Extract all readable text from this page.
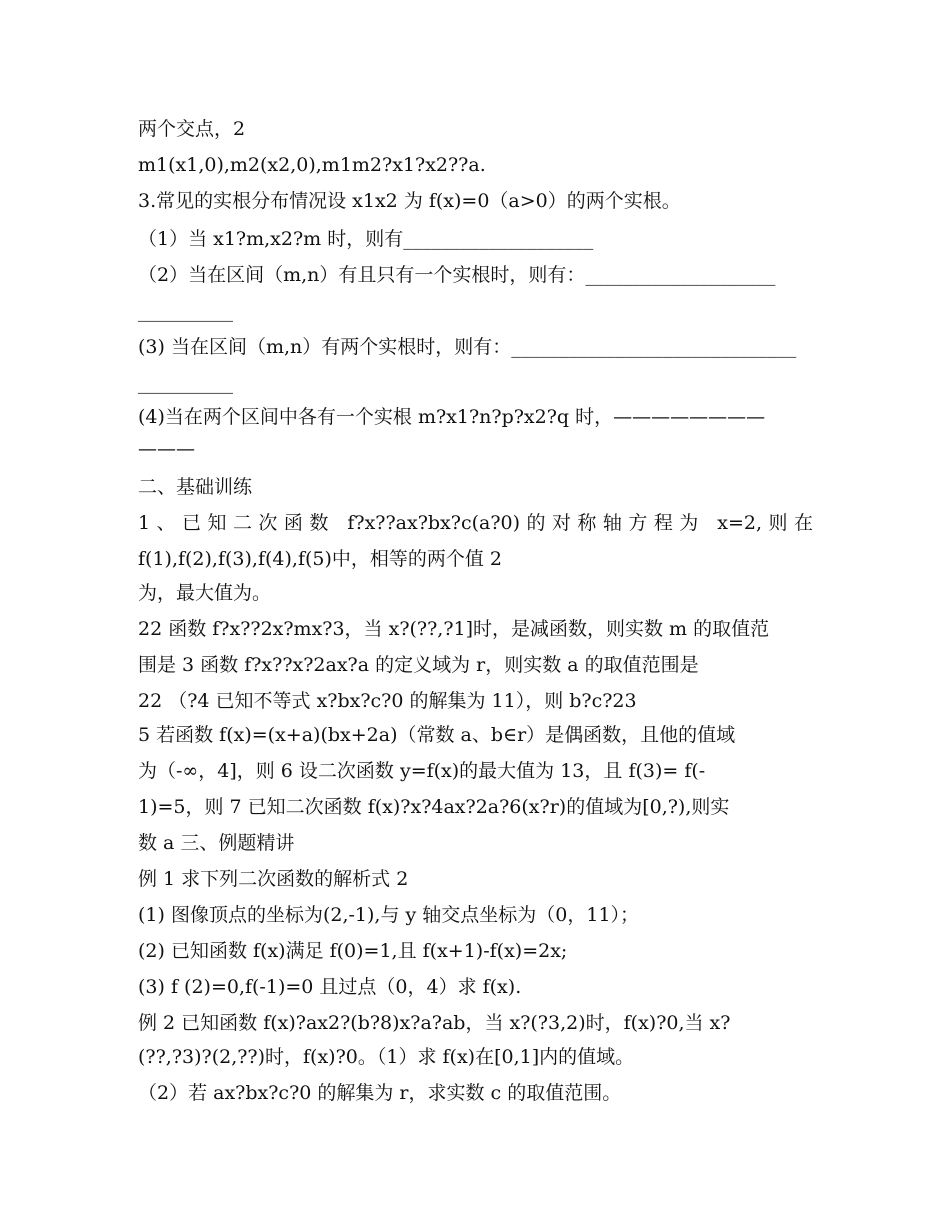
两个交点，2
m1(x1,0),m2(x2,0),m1m2?x1?x2??a.
3.常见的实根分布情况设 x1x2 为 f(x)=0（a>0）的两个实根。
（1）当 x1?m,x2?m 时，则有____________________
（2）当在区间（m,n）有且只有一个实根时，则有：____________________
__________
(3) 当在区间（m,n）有两个实根时，则有：______________________________
__________
(4)当在两个区间中各有一个实根 m?x1?n?p?x2?q 时，————————
———
二、基础训练
1、已知二次函数 f?x??ax?bx?c(a?0)的对称轴方程为 x=2,则在
f(1),f(2),f(3),f(4),f(5)中，相等的两个值 2
为，最大值为。
22 函数 f?x??2x?mx?3，当 x?(??,?1]时，是减函数，则实数 m 的取值范
围是 3 函数 f?x??x?2ax?a 的定义域为 r，则实数 a 的取值范围是
22 （?4 已知不等式 x?bx?c?0 的解集为 11），则 b?c?23
5 若函数 f(x)=(x+a)(bx+2a)（常数 a、b∈r）是偶函数，且他的值域
为（-∞，4]，则 6 设二次函数 y=f(x)的最大值为 13，且 f(3)= f(-
1)=5，则 7 已知二次函数 f(x)?x?4ax?2a?6(x?r)的值域为[0,?),则实
数 a 三、例题精讲
例 1 求下列二次函数的解析式 2
(1) 图像顶点的坐标为(2,-1),与 y 轴交点坐标为（0，11）；
(2) 已知函数 f(x)满足 f(0)=1,且 f(x+1)-f(x)=2x;
(3) f (2)=0,f(-1)=0 且过点（0，4）求 f(x).
例 2 已知函数 f(x)?ax2?(b?8)x?a?ab，当 x?(?3,2)时，f(x)?0,当 x?
(??,?3)?(2,??)时，f(x)?0。（1）求 f(x)在[0,1]内的值域。
（2）若 ax?bx?c?0 的解集为 r，求实数 c 的取值范围。
